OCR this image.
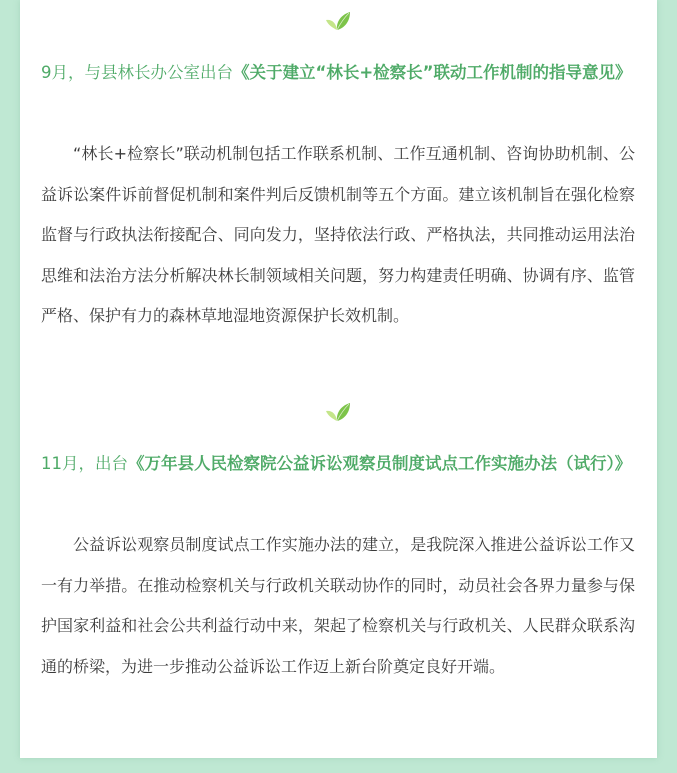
9月，与县林长办公室出台《关于建立“林长+检察长”联动工作机制的指导意见》

“林长+检察长”联动机制包括工作联系机制、工作互通机制、咨询协助机制、公益诉讼案件诉前督促机制和案件判后反馈机制等五个方面。建立该机制旨在强化检察监督与行政执法衔接配合、同向发力，坚持依法行政、严格执法，共同推动运用法治思维和法治方法分析解决林长制领域相关问题，努力构建责任明确、协调有序、监管严格、保护有力的森林草地湿地资源保护长效机制。

11月，出台《万年县人民检察院公益诉讼观察员制度试点工作实施办法（试行）》

公益诉讼观察员制度试点工作实施办法的建立，是我院深入推进公益诉讼工作又一有力举措。在推动检察机关与行政机关联动协作的同时，动员社会各界力量参与保护国家利益和社会公共利益行动中来，架起了检察机关与行政机关、人民群众联系沟通的桥梁，为进一步推动公益诉讼工作迈上新台阶奠定良好开端。
